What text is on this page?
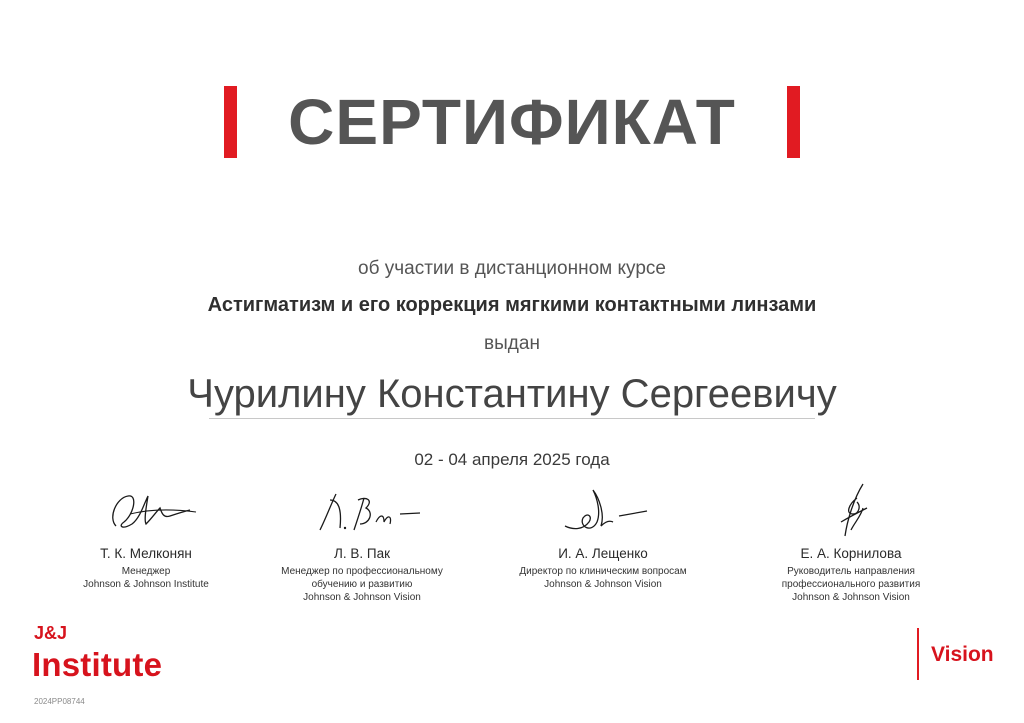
СЕРТИФИКАТ
об участии в дистанционном курсе
Астигматизм и его коррекция мягкими контактными линзами
выдан
Чурилину Константину Сергеевичу
02 - 04 апреля 2025 года
Т. К. Мелконян
Менеджер
Johnson & Johnson Institute
Л. В. Пак
Менеджер по профессиональному
обучению и развитию
Johnson & Johnson Vision
И. А. Лещенко
Директор по клиническим вопросам
Johnson & Johnson Vision
Е. А. Корнилова
Руководитель направления
профессионального развития
Johnson & Johnson Vision
J&J
Institute
2024PP08744
Vision
